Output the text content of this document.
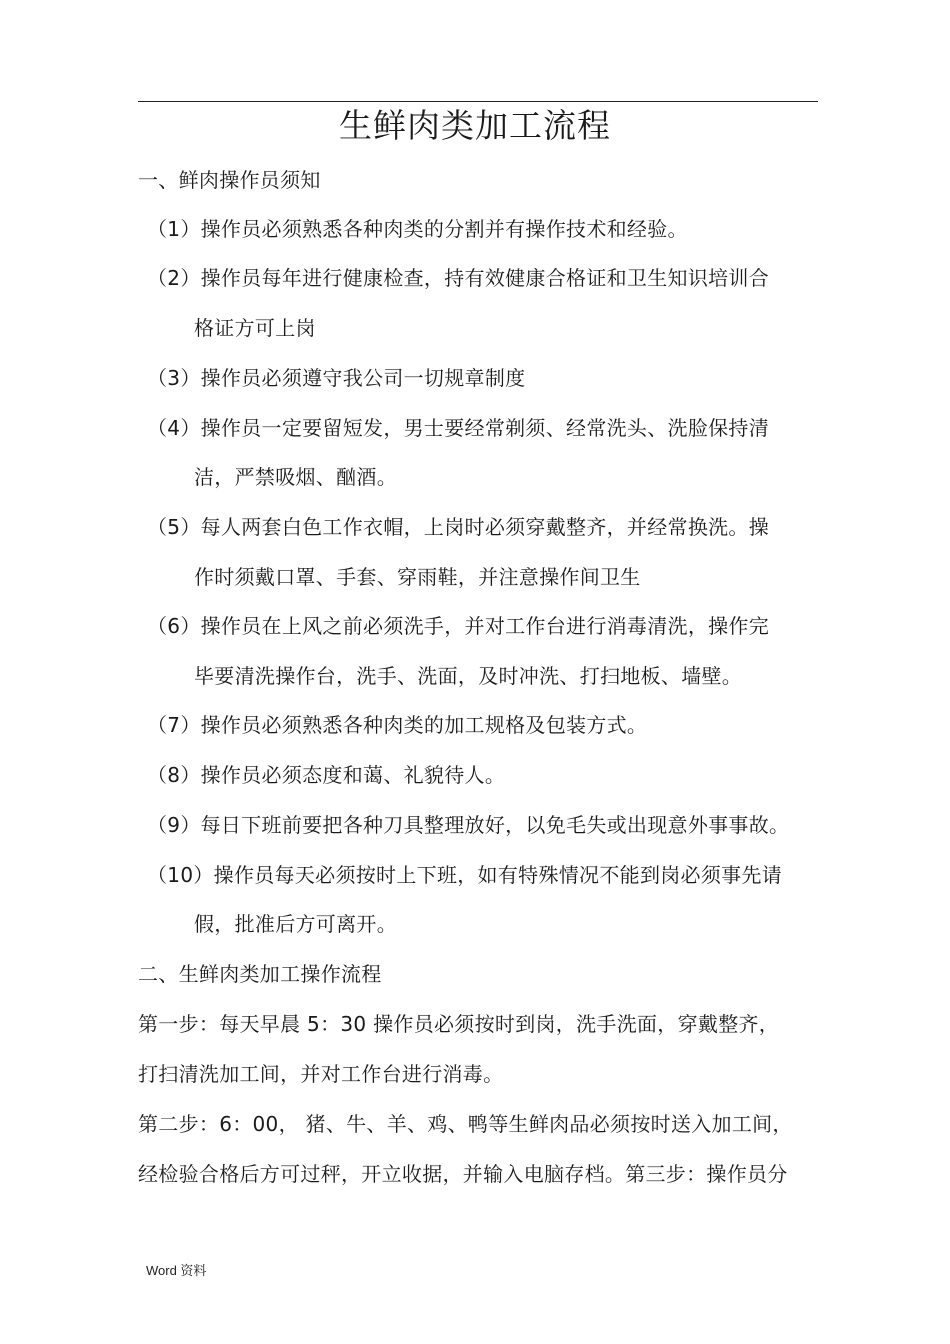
生鲜肉类加工流程
一、鲜肉操作员须知
（1）操作员必须熟悉各种肉类的分割并有操作技术和经验。
（2）操作员每年进行健康检查，持有效健康合格证和卫生知识培训合
格证方可上岗
（3）操作员必须遵守我公司一切规章制度
（4）操作员一定要留短发，男士要经常剃须、经常洗头、洗脸保持清
洁，严禁吸烟、酗酒。
（5）每人两套白色工作衣帽，上岗时必须穿戴整齐，并经常换洗。操
作时须戴口罩、手套、穿雨鞋，并注意操作间卫生
（6）操作员在上风之前必须洗手，并对工作台进行消毒清洗，操作完
毕要清洗操作台，洗手、洗面，及时冲洗、打扫地板、墙壁。
（7）操作员必须熟悉各种肉类的加工规格及包装方式。
（8）操作员必须态度和蔼、礼貌待人。
（9）每日下班前要把各种刀具整理放好，以免毛失或出现意外事事故。
（10）操作员每天必须按时上下班，如有特殊情况不能到岗必须事先请
假，批准后方可离开。
二、生鲜肉类加工操作流程
第一步：每天早晨 5：30 操作员必须按时到岗，洗手洗面，穿戴整齐，
打扫清洗加工间，并对工作台进行消毒。
第二步：6：00， 猪、牛、羊、鸡、鸭等生鲜肉品必须按时送入加工间，
经检验合格后方可过秤，开立收据，并输入电脑存档。第三步：操作员分
Word 资料
